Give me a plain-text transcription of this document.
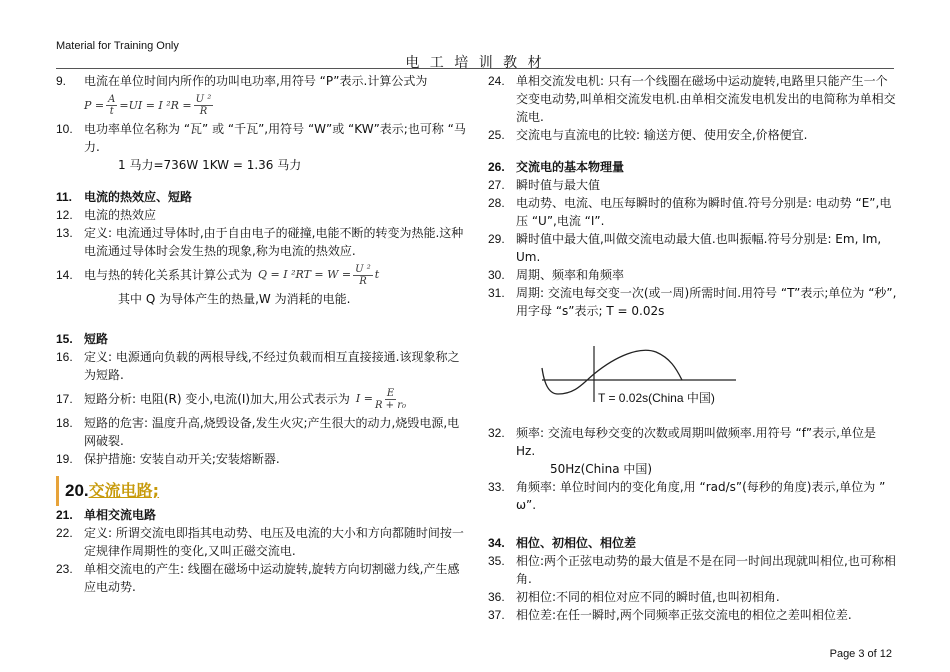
Material for Training Only
电 工 培 训 教 材
9.	电流在单位时间内所作的功叫电功率,用符号 “P”表示.计算公式为
$P = \frac{A}{t} =UI = I$ $^2R = \frac{\text{U ²}}{R}$
10. 电功率单位名称为 “瓦” 或 “千瓦”,用符号 “W”或 “KW”表示;也可称 “马力.
1 马力=736W 1KW = 1.36 马力
11. 电流的热效应、短路
12. 电流的热效应
13. 定义: 电流通过导体时,由于自由电子的碰撞,电能不断的转变为热能.这种电流通过导体时会发生热的现象,称为电流的热效应.
14. 电与热的转化关系其计算公式为 Q = I $^2RT = W = \frac{\text{U ²}}{R}$ t
其中 Q 为导体产生的热量,W 为消耗的电能.
15. 短路
16. 定义: 电源通向负载的两根导线,不经过负载而相互直接接通.该现象称之为短路.
17. 短路分析: 电阻(R) 变小,电流(I)加大,用公式表示为 $I = \frac{E}{\text{R + r₀}}$
18. 短路的危害: 温度升高,烧毁设备,发生火灾;产生很大的动力,烧毁电源,电网破裂.
19. 保护措施: 安装自动开关;安装熔断器.
20.交流电路;
21. 单相交流电路
22. 定义: 所谓交流电即指其电动势、电压及电流的大小和方向都随时间按一定规律作周期性的变化,又叫正磁交流电.
23. 单相交流电的产生: 线圈在磁场中运动旋转,旋转方向切割磁力线,产生感应电动势.
24. 单相交流发电机: 只有一个线圈在磁场中运动旋转,电路里只能产生一个交变电动势,叫单相交流发电机.由单相交流发电机发出的电简称为单相交流电.
25. 交流电与直流电的比较: 输送方便、使用安全,价格便宜.
26. 交流电的基本物理量
27. 瞬时值与最大值
28. 电动势、电流、电压每瞬时的值称为瞬时值.符号分别是: 电动势 “E”,电压 “U”,电流 “I”.
29. 瞬时值中最大值,叫做交流电动最大值.也叫振幅.符号分别是: Em, Im, Um.
30. 周期、频率和角频率
31. 周期: 交流电每交变一次(或一周)所需时间.用符号 “T”表示;单位为 “秒”,用字母 “s”表示; T = 0.02s
T = 0.02s(China 中国)
32. 频率: 交流电每秒交变的次数或周期叫做频率.用符号 “f”表示,单位是 Hz.
50Hz(China 中国)
33. 角频率: 单位时间内的变化角度,用 “rad/s”(每秒的角度)表示,单位为 ” ω”.
34. 相位、初相位、相位差
35. 相位:两个正弦电动势的最大值是不是在同一时间出现就叫相位,也可称相角.
36. 初相位:不同的相位对应不同的瞬时值,也叫初相角.
37. 相位差:在任一瞬时,两个同频率正弦交流电的相位之差叫相位差.
Page 3 of 12
